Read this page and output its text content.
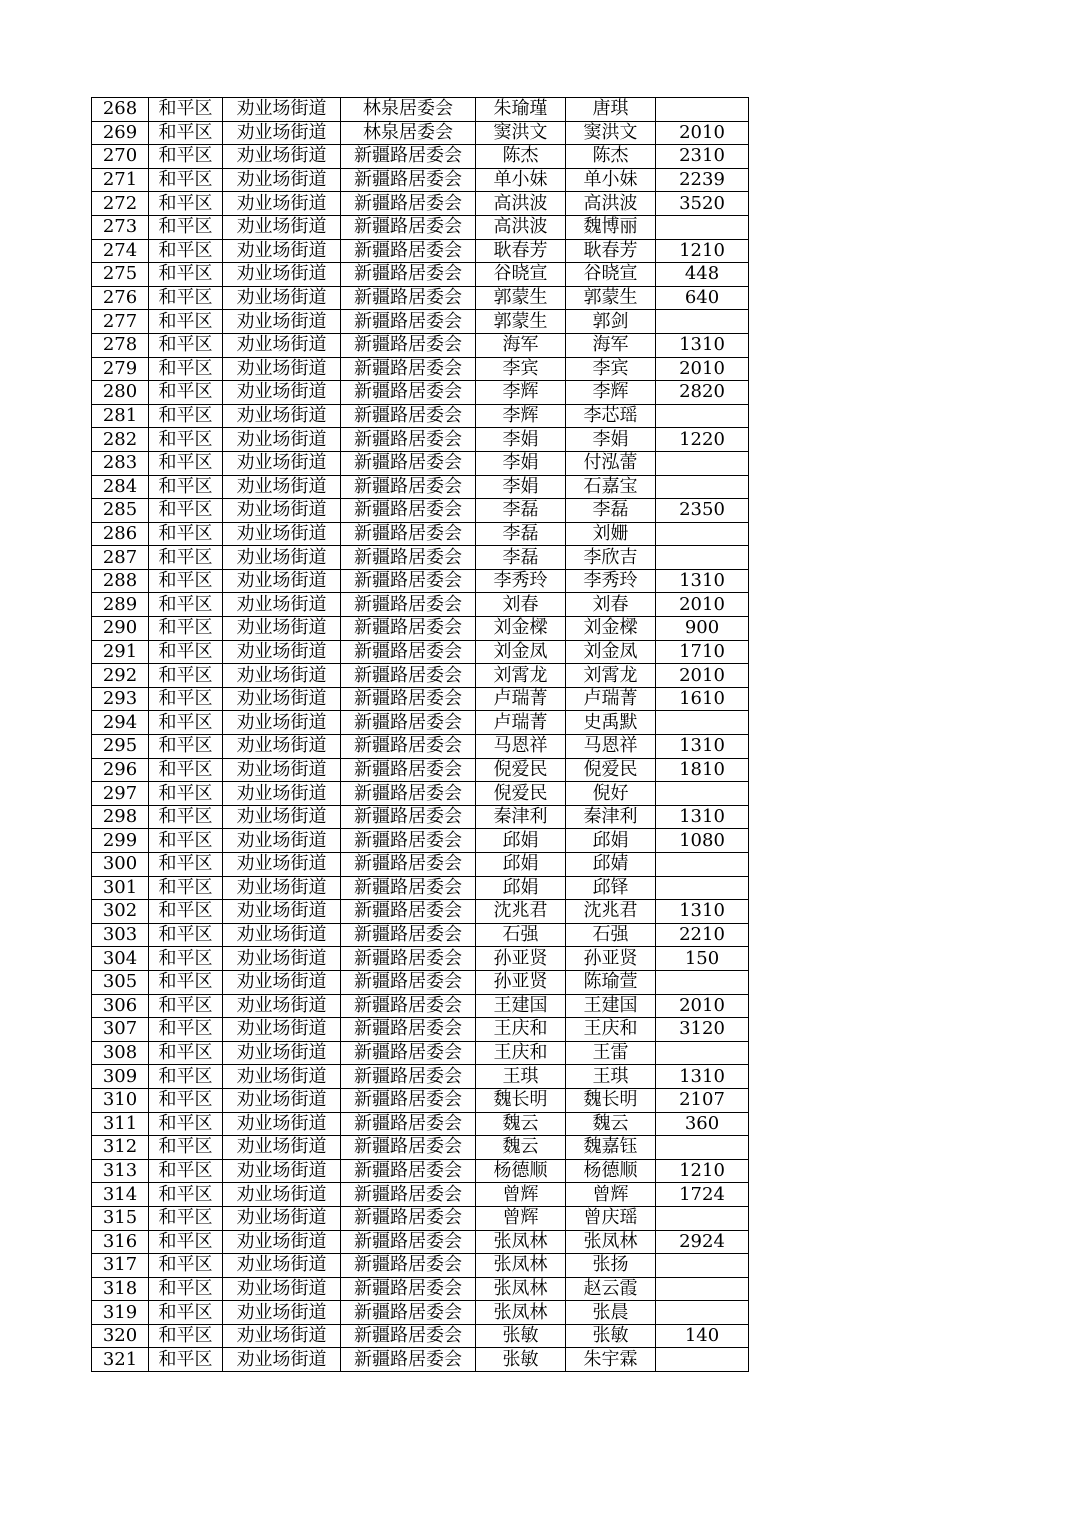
268	和平区	劝业场街道	林泉居委会	朱瑜瑾	唐琪	
269	和平区	劝业场街道	林泉居委会	窦洪文	窦洪文	2010
270	和平区	劝业场街道	新疆路居委会	陈杰	陈杰	2310
271	和平区	劝业场街道	新疆路居委会	单小妹	单小妹	2239
272	和平区	劝业场街道	新疆路居委会	高洪波	高洪波	3520
273	和平区	劝业场街道	新疆路居委会	高洪波	魏博丽	
274	和平区	劝业场街道	新疆路居委会	耿春芳	耿春芳	1210
275	和平区	劝业场街道	新疆路居委会	谷晓宣	谷晓宣	448
276	和平区	劝业场街道	新疆路居委会	郭蒙生	郭蒙生	640
277	和平区	劝业场街道	新疆路居委会	郭蒙生	郭剑	
278	和平区	劝业场街道	新疆路居委会	海军	海军	1310
279	和平区	劝业场街道	新疆路居委会	李宾	李宾	2010
280	和平区	劝业场街道	新疆路居委会	李辉	李辉	2820
281	和平区	劝业场街道	新疆路居委会	李辉	李芯瑶	
282	和平区	劝业场街道	新疆路居委会	李娟	李娟	1220
283	和平区	劝业场街道	新疆路居委会	李娟	付泓蕾	
284	和平区	劝业场街道	新疆路居委会	李娟	石嘉宝	
285	和平区	劝业场街道	新疆路居委会	李磊	李磊	2350
286	和平区	劝业场街道	新疆路居委会	李磊	刘姗	
287	和平区	劝业场街道	新疆路居委会	李磊	李欣吉	
288	和平区	劝业场街道	新疆路居委会	李秀玲	李秀玲	1310
289	和平区	劝业场街道	新疆路居委会	刘春	刘春	2010
290	和平区	劝业场街道	新疆路居委会	刘金樑	刘金樑	900
291	和平区	劝业场街道	新疆路居委会	刘金凤	刘金凤	1710
292	和平区	劝业场街道	新疆路居委会	刘霄龙	刘霄龙	2010
293	和平区	劝业场街道	新疆路居委会	卢瑞菁	卢瑞菁	1610
294	和平区	劝业场街道	新疆路居委会	卢瑞菁	史禹默	
295	和平区	劝业场街道	新疆路居委会	马恩祥	马恩祥	1310
296	和平区	劝业场街道	新疆路居委会	倪爱民	倪爱民	1810
297	和平区	劝业场街道	新疆路居委会	倪爱民	倪好	
298	和平区	劝业场街道	新疆路居委会	秦津利	秦津利	1310
299	和平区	劝业场街道	新疆路居委会	邱娟	邱娟	1080
300	和平区	劝业场街道	新疆路居委会	邱娟	邱婧	
301	和平区	劝业场街道	新疆路居委会	邱娟	邱铎	
302	和平区	劝业场街道	新疆路居委会	沈兆君	沈兆君	1310
303	和平区	劝业场街道	新疆路居委会	石强	石强	2210
304	和平区	劝业场街道	新疆路居委会	孙亚贤	孙亚贤	150
305	和平区	劝业场街道	新疆路居委会	孙亚贤	陈瑜萱	
306	和平区	劝业场街道	新疆路居委会	王建国	王建国	2010
307	和平区	劝业场街道	新疆路居委会	王庆和	王庆和	3120
308	和平区	劝业场街道	新疆路居委会	王庆和	王雷	
309	和平区	劝业场街道	新疆路居委会	王琪	王琪	1310
310	和平区	劝业场街道	新疆路居委会	魏长明	魏长明	2107
311	和平区	劝业场街道	新疆路居委会	魏云	魏云	360
312	和平区	劝业场街道	新疆路居委会	魏云	魏嘉钰	
313	和平区	劝业场街道	新疆路居委会	杨德顺	杨德顺	1210
314	和平区	劝业场街道	新疆路居委会	曾辉	曾辉	1724
315	和平区	劝业场街道	新疆路居委会	曾辉	曾庆瑶	
316	和平区	劝业场街道	新疆路居委会	张凤林	张凤林	2924
317	和平区	劝业场街道	新疆路居委会	张凤林	张扬	
318	和平区	劝业场街道	新疆路居委会	张凤林	赵云霞	
319	和平区	劝业场街道	新疆路居委会	张凤林	张晨	
320	和平区	劝业场街道	新疆路居委会	张敏	张敏	140
321	和平区	劝业场街道	新疆路居委会	张敏	朱宇霖	
